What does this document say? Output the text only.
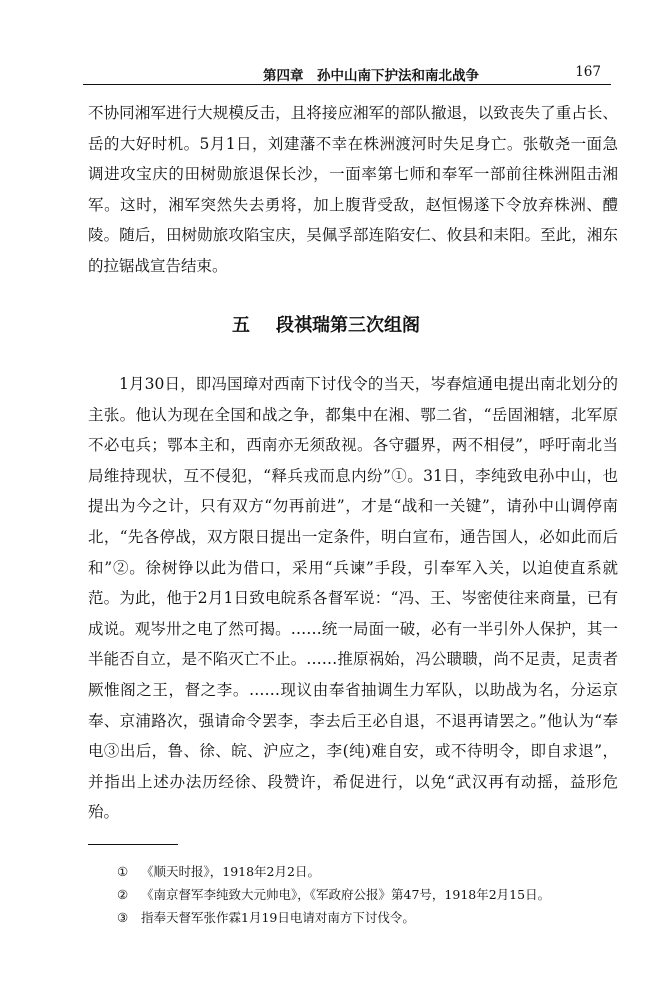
第四章　孙中山南下护法和南北战争	167

不协同湘军进行大规模反击，且将接应湘军的部队撤退，以致丧失了重占长、岳的大好时机。5月1日，刘建藩不幸在株洲渡河时失足身亡。张敬尧一面急调进攻宝庆的田树勋旅退保长沙，一面率第七师和奉军一部前往株洲阻击湘军。这时，湘军突然失去勇将，加上腹背受敌，赵恒惕遂下令放弃株洲、醴陵。随后，田树勋旅攻陷宝庆，吴佩孚部连陷安仁、攸县和耒阳。至此，湘东的拉锯战宣告结束。

五 段祺瑞第三次组阁

1月30日，即冯国璋对西南下讨伐令的当天，岑春煊通电提出南北划分的主张。他认为现在全国和战之争，都集中在湘、鄂二省，“岳固湘辖，北军原不必屯兵；鄂本主和，西南亦无须敌视。各守疆界，两不相侵”，呼吁南北当局维持现状，互不侵犯，“释兵戎而息内纷”①。31日，李纯致电孙中山，也提出为今之计，只有双方“勿再前进”，才是“战和一关键”，请孙中山调停南北，“先各停战，双方限日提出一定条件，明白宣布，通告国人，必如此而后和”②。徐树铮以此为借口，采用“兵谏”手段，引奉军入关，以迫使直系就范。为此，他于2月1日致电皖系各督军说：“冯、王、岑密使往来商量，已有成说。观岑卅之电了然可揭。……统一局面一破，必有一半引外人保护，其一半能否自立，是不陷灭亡不止。……推原祸始，冯公聩聩，尚不足责，足责者厥惟阁之王，督之李。……现议由奉省抽调生力军队，以助战为名，分运京奉、京浦路次，强请命令罢李，李去后王必自退，不退再请罢之。”他认为“奉电③出后，鲁、徐、皖、沪应之，李(纯)难自安，或不待明令，即自求退”，并指出上述办法历经徐、段赞许，希促进行，以免“武汉再有动摇，益形危殆。

① 《顺天时报》，1918年2月2日。
② 《南京督军李纯致大元帅电》，《军政府公报》第47号，1918年2月15日。
③ 指奉天督军张作霖1月19日电请对南方下讨伐令。
